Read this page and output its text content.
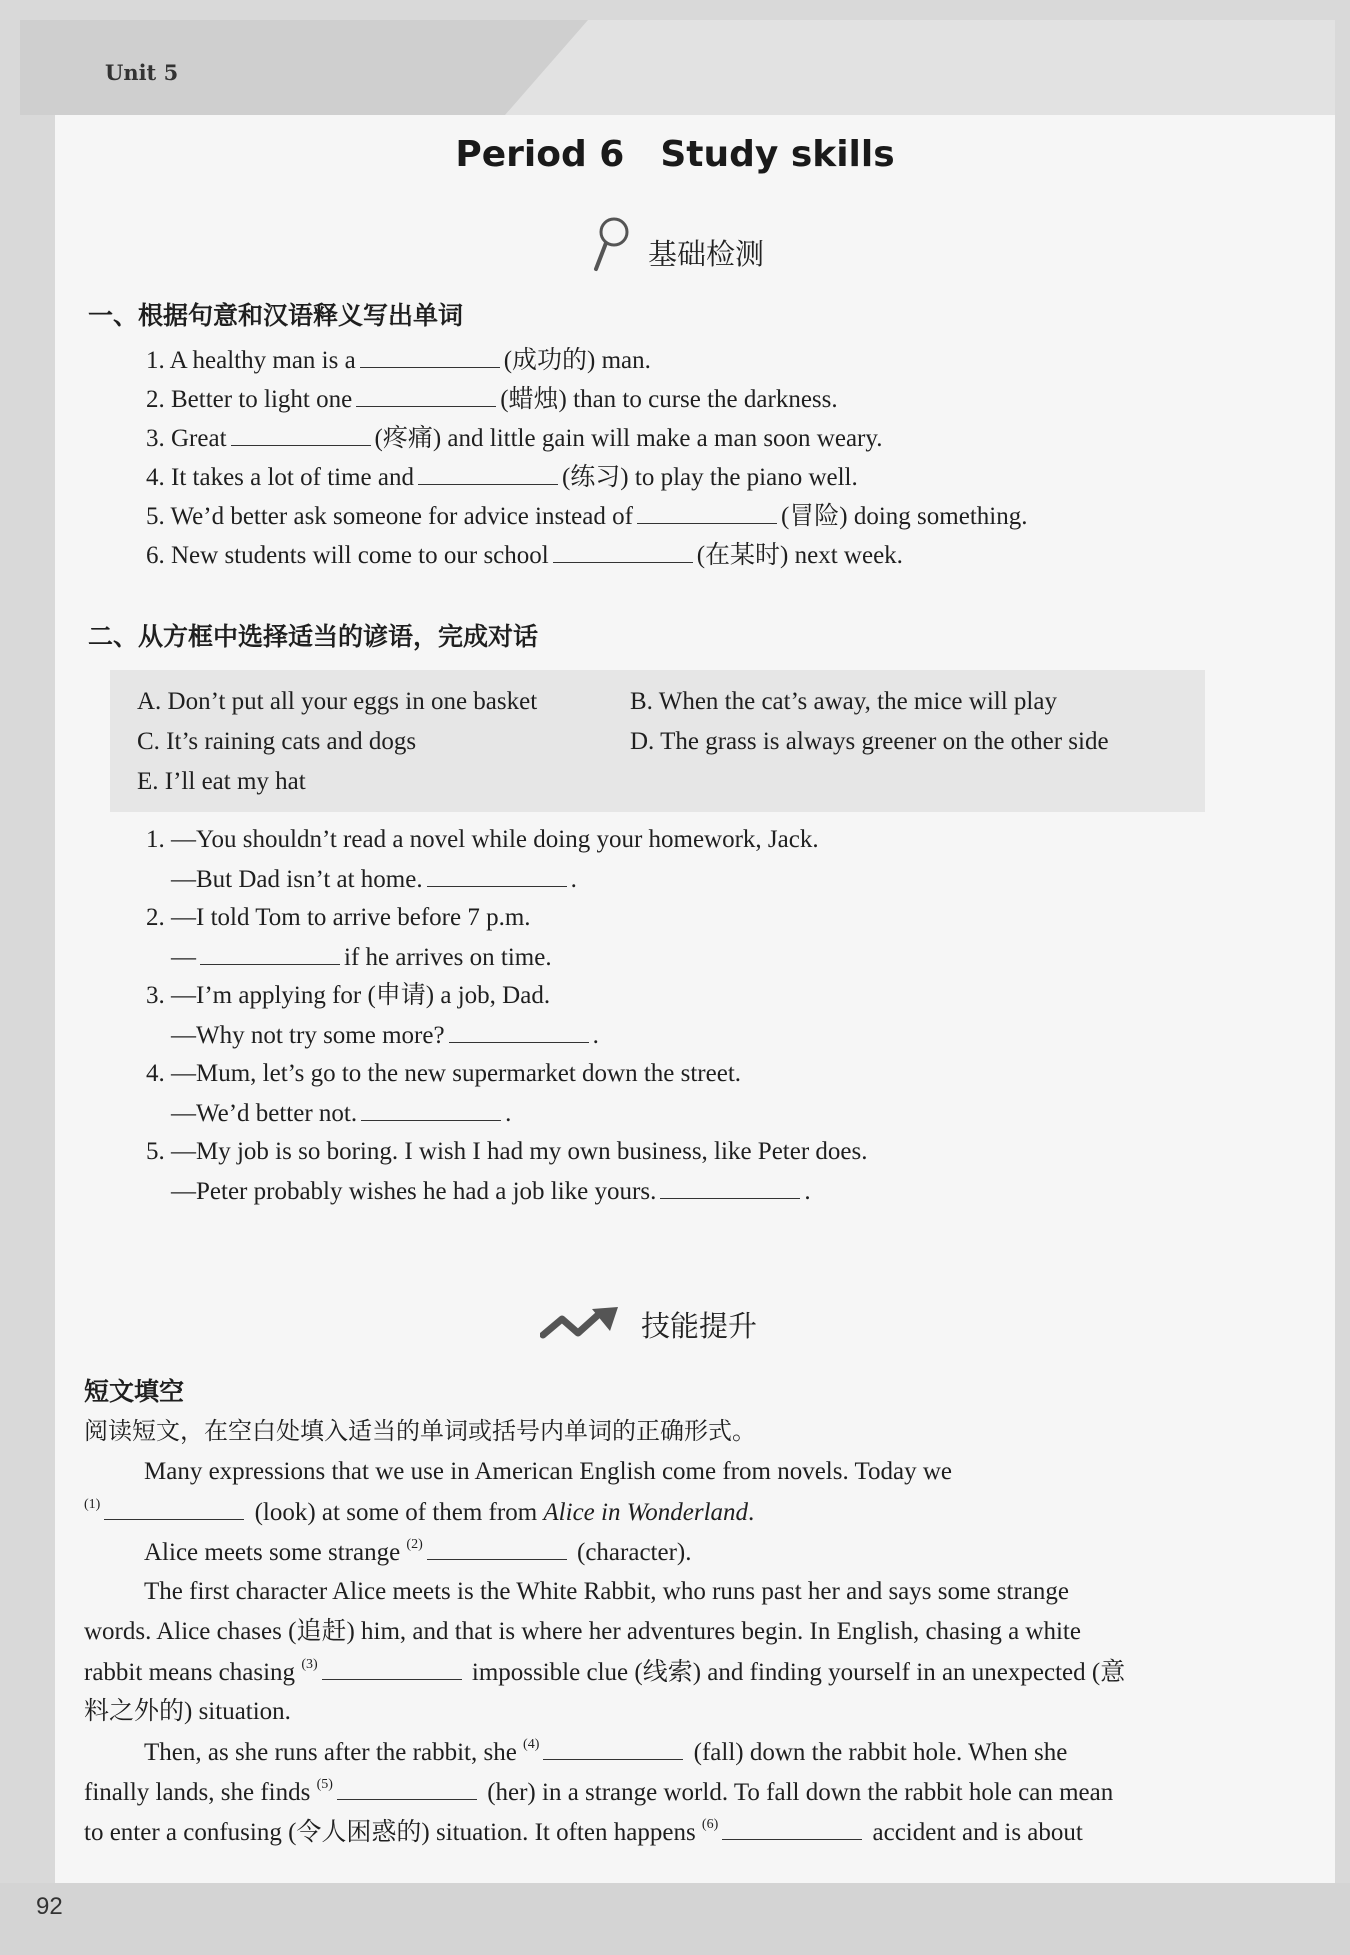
Unit 5
92
Period 6 Study skills
基础检测
一、根据句意和汉语释义写出单词
1. A healthy man is a	(成功的) man.
2. Better to light one	(蜡烛) than to curse the darkness.
3. Great	(疼痛) and little gain will make a man soon weary.
4. It takes a lot of time and	(练习) to play the piano well.
5. We’d better ask someone for advice instead of	(冒险) doing something.
6. New students will come to our school	(在某时) next week.
二、从方框中选择适当的谚语，完成对话
A. Don’t put all your eggs in one basket	B. When the cat’s away, the mice will play
C. It’s raining cats and dogs	D. The grass is always greener on the other side
E. I’ll eat my hat
1. —You shouldn’t read a novel while doing your homework, Jack.
—But Dad isn’t at home.	.
2. —I told Tom to arrive before 7 p.m.
—	if he arrives on time.
3. —I’m applying for (申请) a job, Dad.
—Why not try some more?	.
4. —Mum, let’s go to the new supermarket down the street.
—We’d better not.	.
5. —My job is so boring. I wish I had my own business, like Peter does.
—Peter probably wishes he had a job like yours.	.
技能提升
短文填空
阅读短文，在空白处填入适当的单词或括号内单词的正确形式。
Many expressions that we use in American English come from novels. Today we
$^{(1)}$	(look) at some of them from Alice in Wonderland.
Alice meets some strange $^{(2)}$	(character).
The first character Alice meets is the White Rabbit, who runs past her and says some strange
words. Alice chases (追赶) him, and that is where her adventures begin. In English, chasing a white
rabbit means chasing $^{(3)}$	impossible clue (线索) and finding yourself in an unexpected (意
料之外的) situation.
Then, as she runs after the rabbit, she $^{(4)}$	(fall) down the rabbit hole. When she
finally lands, she finds $^{(5)}$	(her) in a strange world. To fall down the rabbit hole can mean
to enter a confusing (令人困惑的) situation. It often happens $^{(6)}$	accident and is about
